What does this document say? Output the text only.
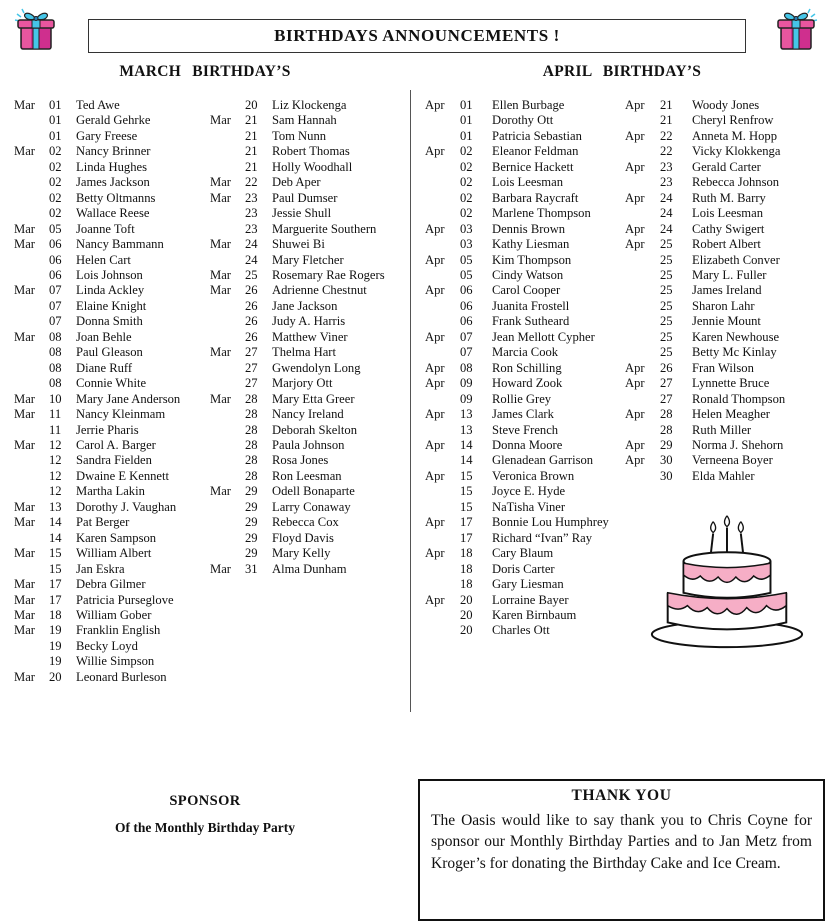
BIRTHDAYS ANNOUNCEMENTS !
MARCH BIRTHDAY’S	APRIL BIRTHDAY’S
Mar	01	Ted Awe
01	Gerald Gehrke
01	Gary Freese
Mar	02	Nancy Brinner
02	Linda Hughes
02	James Jackson
02	Betty Oltmanns
02	Wallace Reese
Mar	05	Joanne Toft
Mar	06	Nancy Bammann
06	Helen Cart
06	Lois Johnson
Mar	07	Linda Ackley
07	Elaine Knight
07	Donna Smith
Mar	08	Joan Behle
08	Paul Gleason
08	Diane Ruff
08	Connie White
Mar	10	Mary Jane Anderson
Mar	11	Nancy Kleinmam
11	Jerrie Pharis
Mar	12	Carol A. Barger
12	Sandra Fielden
12	Dwaine E Kennett
12	Martha Lakin
Mar	13	Dorothy J. Vaughan
Mar	14	Pat Berger
14	Karen Sampson
Mar	15	William Albert
15	Jan Eskra
Mar	17	Debra Gilmer
Mar	17	Patricia Purseglove
Mar	18	William Gober
Mar	19	Franklin English
19	Becky Loyd
19	Willie Simpson
Mar	20	Leonard Burleson
20	Liz Klockenga
Mar	21	Sam Hannah
21	Tom Nunn
21	Robert Thomas
21	Holly Woodhall
Mar	22	Deb Aper
Mar	23	Paul Dumser
23	Jessie Shull
23	Marguerite Southern
Mar	24	Shuwei Bi
24	Mary Fletcher
Mar	25	Rosemary Rae Rogers
Mar	26	Adrienne Chestnut
26	Jane Jackson
26	Judy A. Harris
26	Matthew Viner
Mar	27	Thelma Hart
27	Gwendolyn Long
27	Marjory Ott
Mar	28	Mary Etta Greer
28	Nancy Ireland
28	Deborah Skelton
28	Paula Johnson
28	Rosa Jones
28	Ron Leesman
Mar	29	Odell Bonaparte
29	Larry Conaway
29	Rebecca Cox
29	Floyd Davis
29	Mary Kelly
Mar	31	Alma Dunham
Apr	01	Ellen Burbage
01	Dorothy Ott
01	Patricia Sebastian
Apr	02	Eleanor Feldman
02	Bernice Hackett
02	Lois Leesman
02	Barbara Raycraft
02	Marlene Thompson
Apr	03	Dennis Brown
03	Kathy Liesman
Apr	05	Kim Thompson
05	Cindy Watson
Apr	06	Carol Cooper
06	Juanita Frostell
06	Frank Sutheard
Apr	07	Jean Mellott Cypher
07	Marcia Cook
Apr	08	Ron Schilling
Apr	09	Howard Zook
09	Rollie Grey
Apr	13	James Clark
13	Steve French
Apr	14	Donna Moore
14	Glenadean Garrison
Apr	15	Veronica Brown
15	Joyce E. Hyde
15	NaTisha Viner
Apr	17	Bonnie Lou Humphrey
17	Richard “Ivan” Ray
Apr	18	Cary Blaum
18	Doris Carter
18	Gary Liesman
Apr	20	Lorraine Bayer
20	Karen Birnbaum
20	Charles Ott
Apr	21	Woody Jones
21	Cheryl Renfrow
Apr	22	Anneta M. Hopp
22	Vicky Klokkenga
Apr	23	Gerald Carter
23	Rebecca Johnson
Apr	24	Ruth M. Barry
24	Lois Leesman
Apr	24	Cathy Swigert
Apr	25	Robert Albert
25	Elizabeth Conver
25	Mary L. Fuller
25	James Ireland
25	Sharon Lahr
25	Jennie Mount
25	Karen Newhouse
25	Betty Mc Kinlay
Apr	26	Fran Wilson
Apr	27	Lynnette Bruce
27	Ronald Thompson
Apr	28	Helen Meagher
28	Ruth Miller
Apr	29	Norma J. Shehorn
Apr	30	Verneena Boyer
30	Elda Mahler
SPONSOR
Of the Monthly Birthday Party
THANK YOU
The Oasis would like to say thank you to Chris Coyne for sponsor our Monthly Birthday Parties and to Jan Metz from Kroger’s for donating the Birthday Cake and Ice Cream.
